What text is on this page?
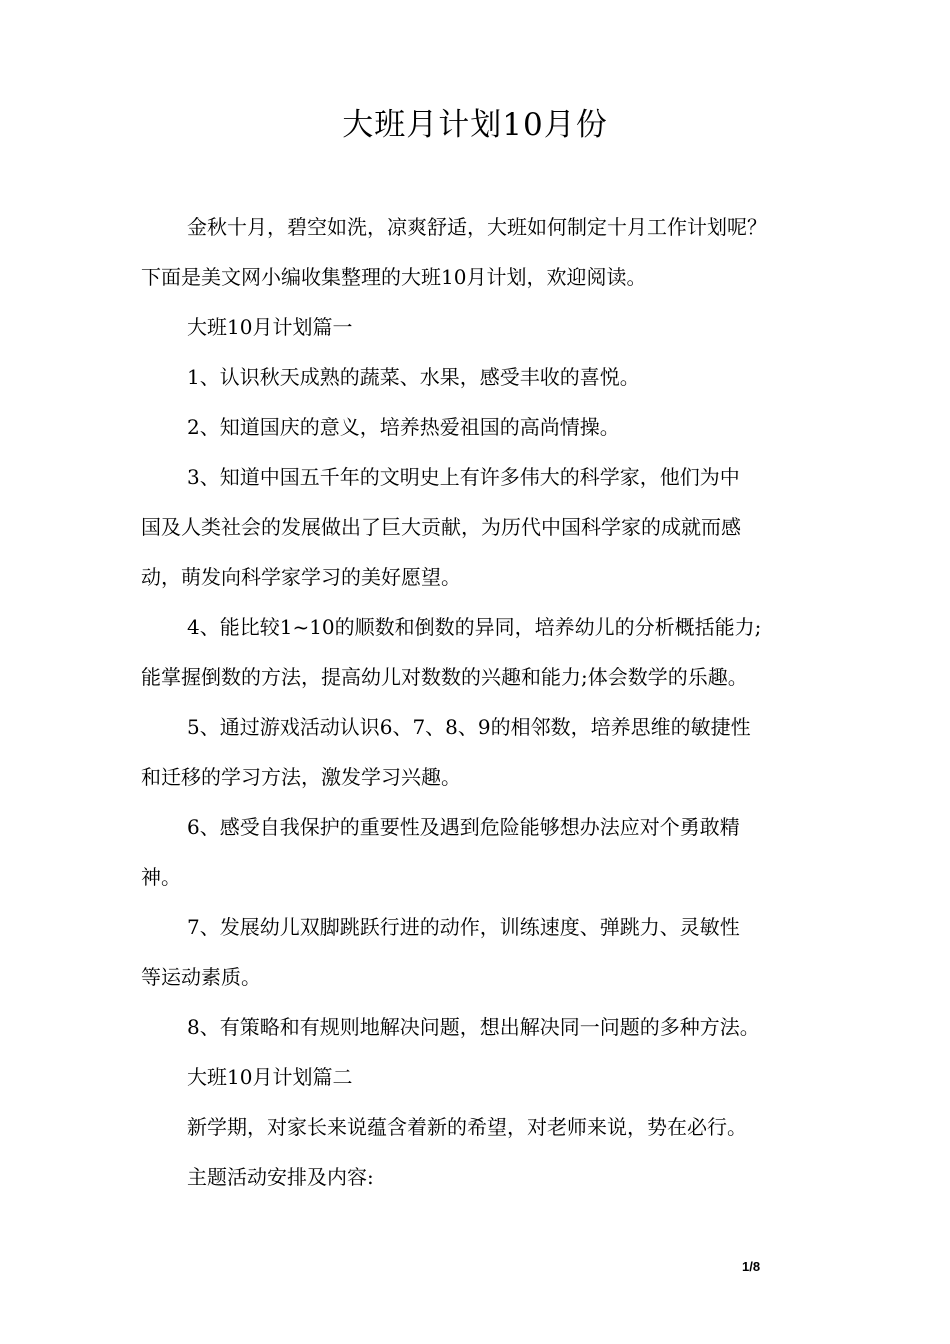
大班月计划10月份

金秋十月，碧空如洗，凉爽舒适，大班如何制定十月工作计划呢？

下面是美文网小编收集整理的大班10月计划，欢迎阅读。

大班10月计划篇一

1、认识秋天成熟的蔬菜、水果，感受丰收的喜悦。

2、知道国庆的意义，培养热爱祖国的高尚情操。

3、知道中国五千年的文明史上有许多伟大的科学家，他们为中

国及人类社会的发展做出了巨大贡献，为历代中国科学家的成就而感

动，萌发向科学家学习的美好愿望。

4、能比较1~10的顺数和倒数的异同，培养幼儿的分析概括能力;

能掌握倒数的方法，提高幼儿对数数的兴趣和能力;体会数学的乐趣。

5、通过游戏活动认识6、7、8、9的相邻数，培养思维的敏捷性

和迁移的学习方法，激发学习兴趣。

6、感受自我保护的重要性及遇到危险能够想办法应对个勇敢精

神。

7、发展幼儿双脚跳跃行进的动作，训练速度、弹跳力、灵敏性

等运动素质。

8、有策略和有规则地解决问题，想出解决同一问题的多种方法。

大班10月计划篇二

新学期，对家长来说蕴含着新的希望，对老师来说，势在必行。

主题活动安排及内容:

1/8
